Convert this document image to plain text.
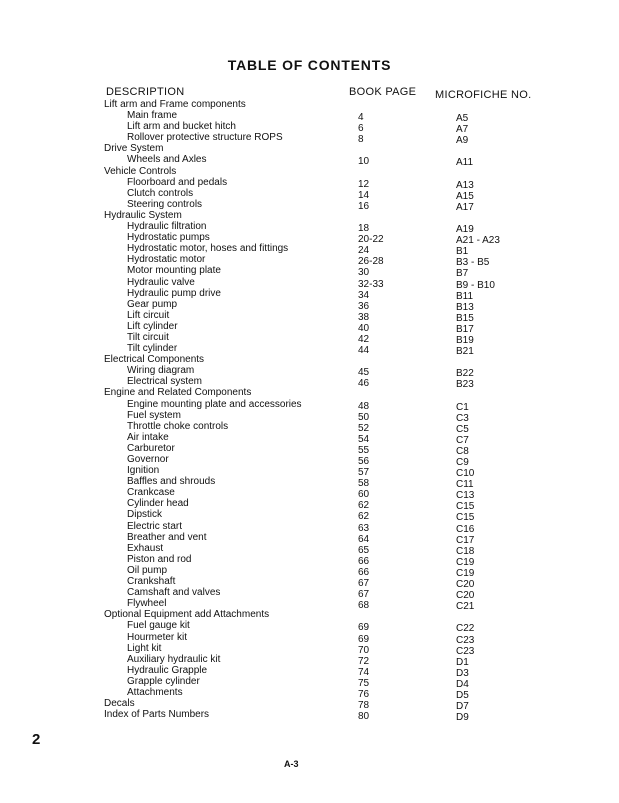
TABLE OF CONTENTS
DESCRIPTION	BOOK PAGE MICROFICHE NO.
Lift arm and Frame components
Main frame	4	A5
Lift arm and bucket hitch	6	A7
Rollover protective structure ROPS	8	A9
Drive System
Wheels and Axles	10	A11
Vehicle Controls
Floorboard and pedals	12	A13
Clutch controls	14	A15
Steering controls	16	A17
Hydraulic System
Hydraulic filtration	18	A19
Hydrostatic pumps	20-22	A21 - A23
Hydrostatic motor, hoses and fittings	24	B1
Hydrostatic motor	26-28	B3 - B5
Motor mounting plate	30	B7
Hydraulic valve	32-33	B9 - B10
Hydraulic pump drive	34	B11
Gear pump	36	B13
Lift circuit	38	B15
Lift cylinder	40	B17
Tilt circuit	42	B19
Tilt cylinder	44	B21
Electrical Components
Wiring diagram	45	B22
Electrical system	46	B23
Engine and Related Components
Engine mounting plate and accessories	48	C1
Fuel system	50	C3
Throttle choke controls	52	C5
Air intake	54	C7
Carburetor	55	C8
Governor	56	C9
Ignition	57	C10
Baffles and shrouds	58	C11
Crankcase	60	C13
Cylinder head	62	C15
Dipstick	62	C15
Electric start	63	C16
Breather and vent	64	C17
Exhaust	65	C18
Piston and rod	66	C19
Oil pump	66	C19
Crankshaft	67	C20
Camshaft and valves	67	C20
Flywheel	68	C21
Optional Equipment add Attachments
Fuel gauge kit	69	C22
Hourmeter kit	69	C23
Light kit	70	C23
Auxiliary hydraulic kit	72	D1
Hydraulic Grapple	74	D3
Grapple cylinder	75	D4
Attachments	76	D5
Decals	78	D7
Index of Parts Numbers	80	D9
2
A-3
